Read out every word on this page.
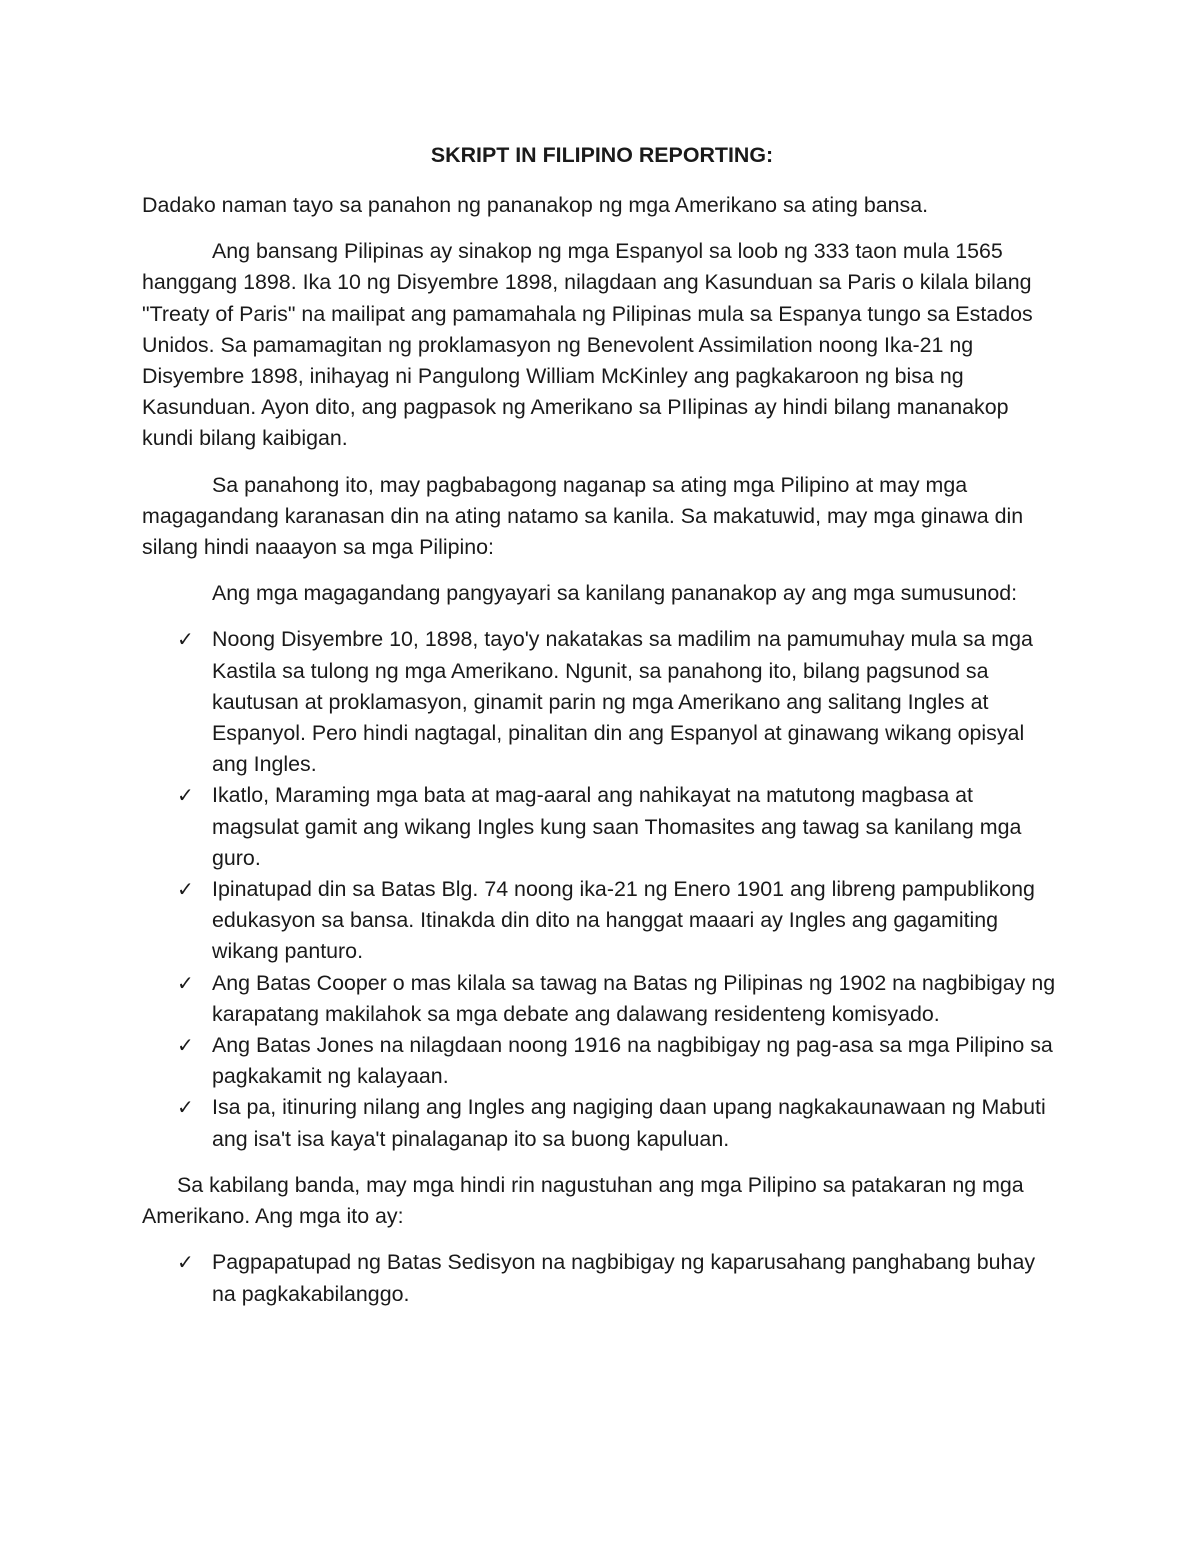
SKRIPT IN FILIPINO REPORTING:

Dadako naman tayo sa panahon ng pananakop ng mga Amerikano sa ating bansa.

Ang bansang Pilipinas ay sinakop ng mga Espanyol sa loob ng 333 taon mula 1565 hanggang 1898. Ika 10 ng Disyembre 1898, nilagdaan ang Kasunduan sa Paris o kilala bilang "Treaty of Paris" na mailipat ang pamamahala ng Pilipinas mula sa Espanya tungo sa Estados Unidos. Sa pamamagitan ng proklamasyon ng Benevolent Assimilation noong Ika-21 ng Disyembre 1898, inihayag ni Pangulong William McKinley ang pagkakaroon ng bisa ng Kasunduan. Ayon dito, ang pagpasok ng Amerikano sa PIlipinas ay hindi bilang mananakop kundi bilang kaibigan.

Sa panahong ito, may pagbabagong naganap sa ating mga Pilipino at may mga magagandang karanasan din na ating natamo sa kanila. Sa makatuwid, may mga ginawa din silang hindi naaayon sa mga Pilipino:

Ang mga magagandang pangyayari sa kanilang pananakop ay ang mga sumusunod:

✓ Noong Disyembre 10, 1898, tayo'y nakatakas sa madilim na pamumuhay mula sa mga Kastila sa tulong ng mga Amerikano. Ngunit, sa panahong ito, bilang pagsunod sa kautusan at proklamasyon, ginamit parin ng mga Amerikano ang salitang Ingles at Espanyol. Pero hindi nagtagal, pinalitan din ang Espanyol at ginawang wikang opisyal ang Ingles.
✓ Ikatlo, Maraming mga bata at mag-aaral ang nahikayat na matutong magbasa at magsulat gamit ang wikang Ingles kung saan Thomasites ang tawag sa kanilang mga guro.
✓ Ipinatupad din sa Batas Blg. 74 noong ika-21 ng Enero 1901 ang libreng pampublikong edukasyon sa bansa. Itinakda din dito na hanggat maaari ay Ingles ang gagamiting wikang panturo.
✓ Ang Batas Cooper o mas kilala sa tawag na Batas ng Pilipinas ng 1902 na nagbibigay ng karapatang makilahok sa mga debate ang dalawang residenteng komisyado.
✓ Ang Batas Jones na nilagdaan noong 1916 na nagbibigay ng pag-asa sa mga Pilipino sa pagkakamit ng kalayaan.
✓ Isa pa, itinuring nilang ang Ingles ang nagiging daan upang nagkakaunawaan ng Mabuti ang isa't isa kaya't pinalaganap ito sa buong kapuluan.

Sa kabilang banda, may mga hindi rin nagustuhan ang mga Pilipino sa patakaran ng mga Amerikano. Ang mga ito ay:

✓ Pagpapatupad ng Batas Sedisyon na nagbibigay ng kaparusahang panghabang buhay na pagkakabilanggo.
